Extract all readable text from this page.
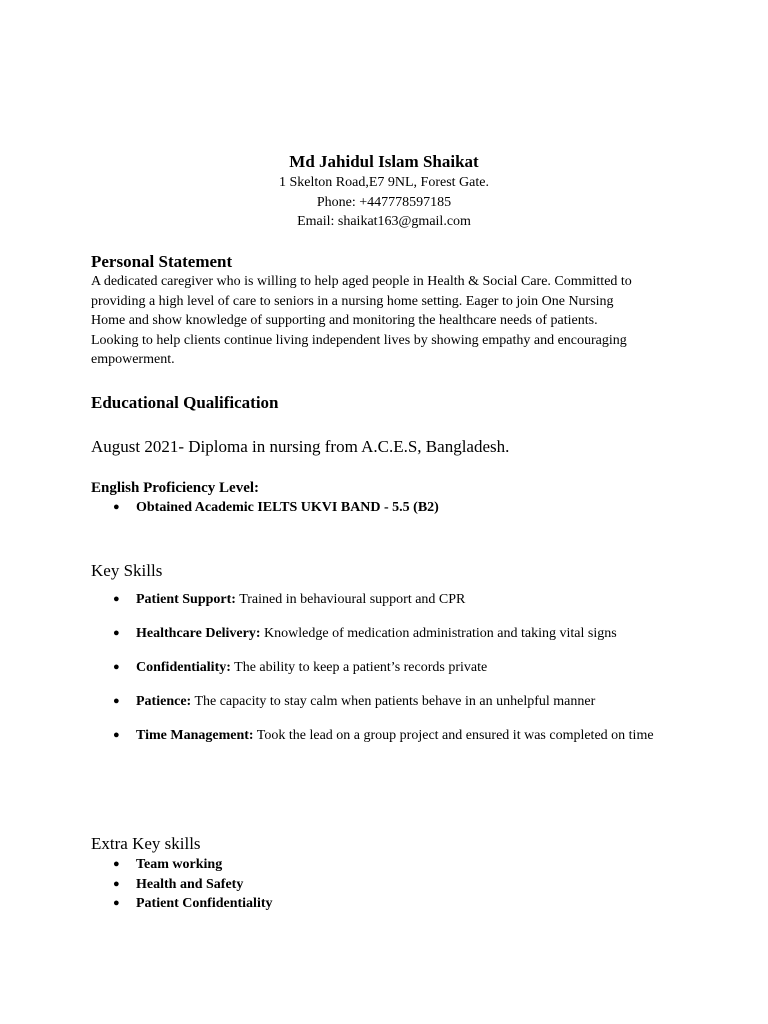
Md Jahidul Islam Shaikat
1 Skelton Road,E7 9NL, Forest Gate.
Phone: +447778597185
Email: shaikat163@gmail.com
Personal Statement
A dedicated caregiver who is willing to help aged people in Health & Social Care. Committed to
providing a high level of care to seniors in a nursing home setting. Eager to join One Nursing
Home and show knowledge of supporting and monitoring the healthcare needs of patients.
Looking to help clients continue living independent lives by showing empathy and encouraging
empowerment.
Educational Qualification
August 2021- Diploma in nursing from A.C.E.S, Bangladesh.
English Proficiency Level:
● Obtained Academic IELTS UKVI BAND - 5.5 (B2)
Key Skills
● Patient Support: Trained in behavioural support and CPR
● Healthcare Delivery: Knowledge of medication administration and taking vital signs
● Confidentiality: The ability to keep a patient’s records private
● Patience: The capacity to stay calm when patients behave in an unhelpful manner
● Time Management: Took the lead on a group project and ensured it was completed on time
Extra Key skills
● Team working
● Health and Safety
● Patient Confidentiality
